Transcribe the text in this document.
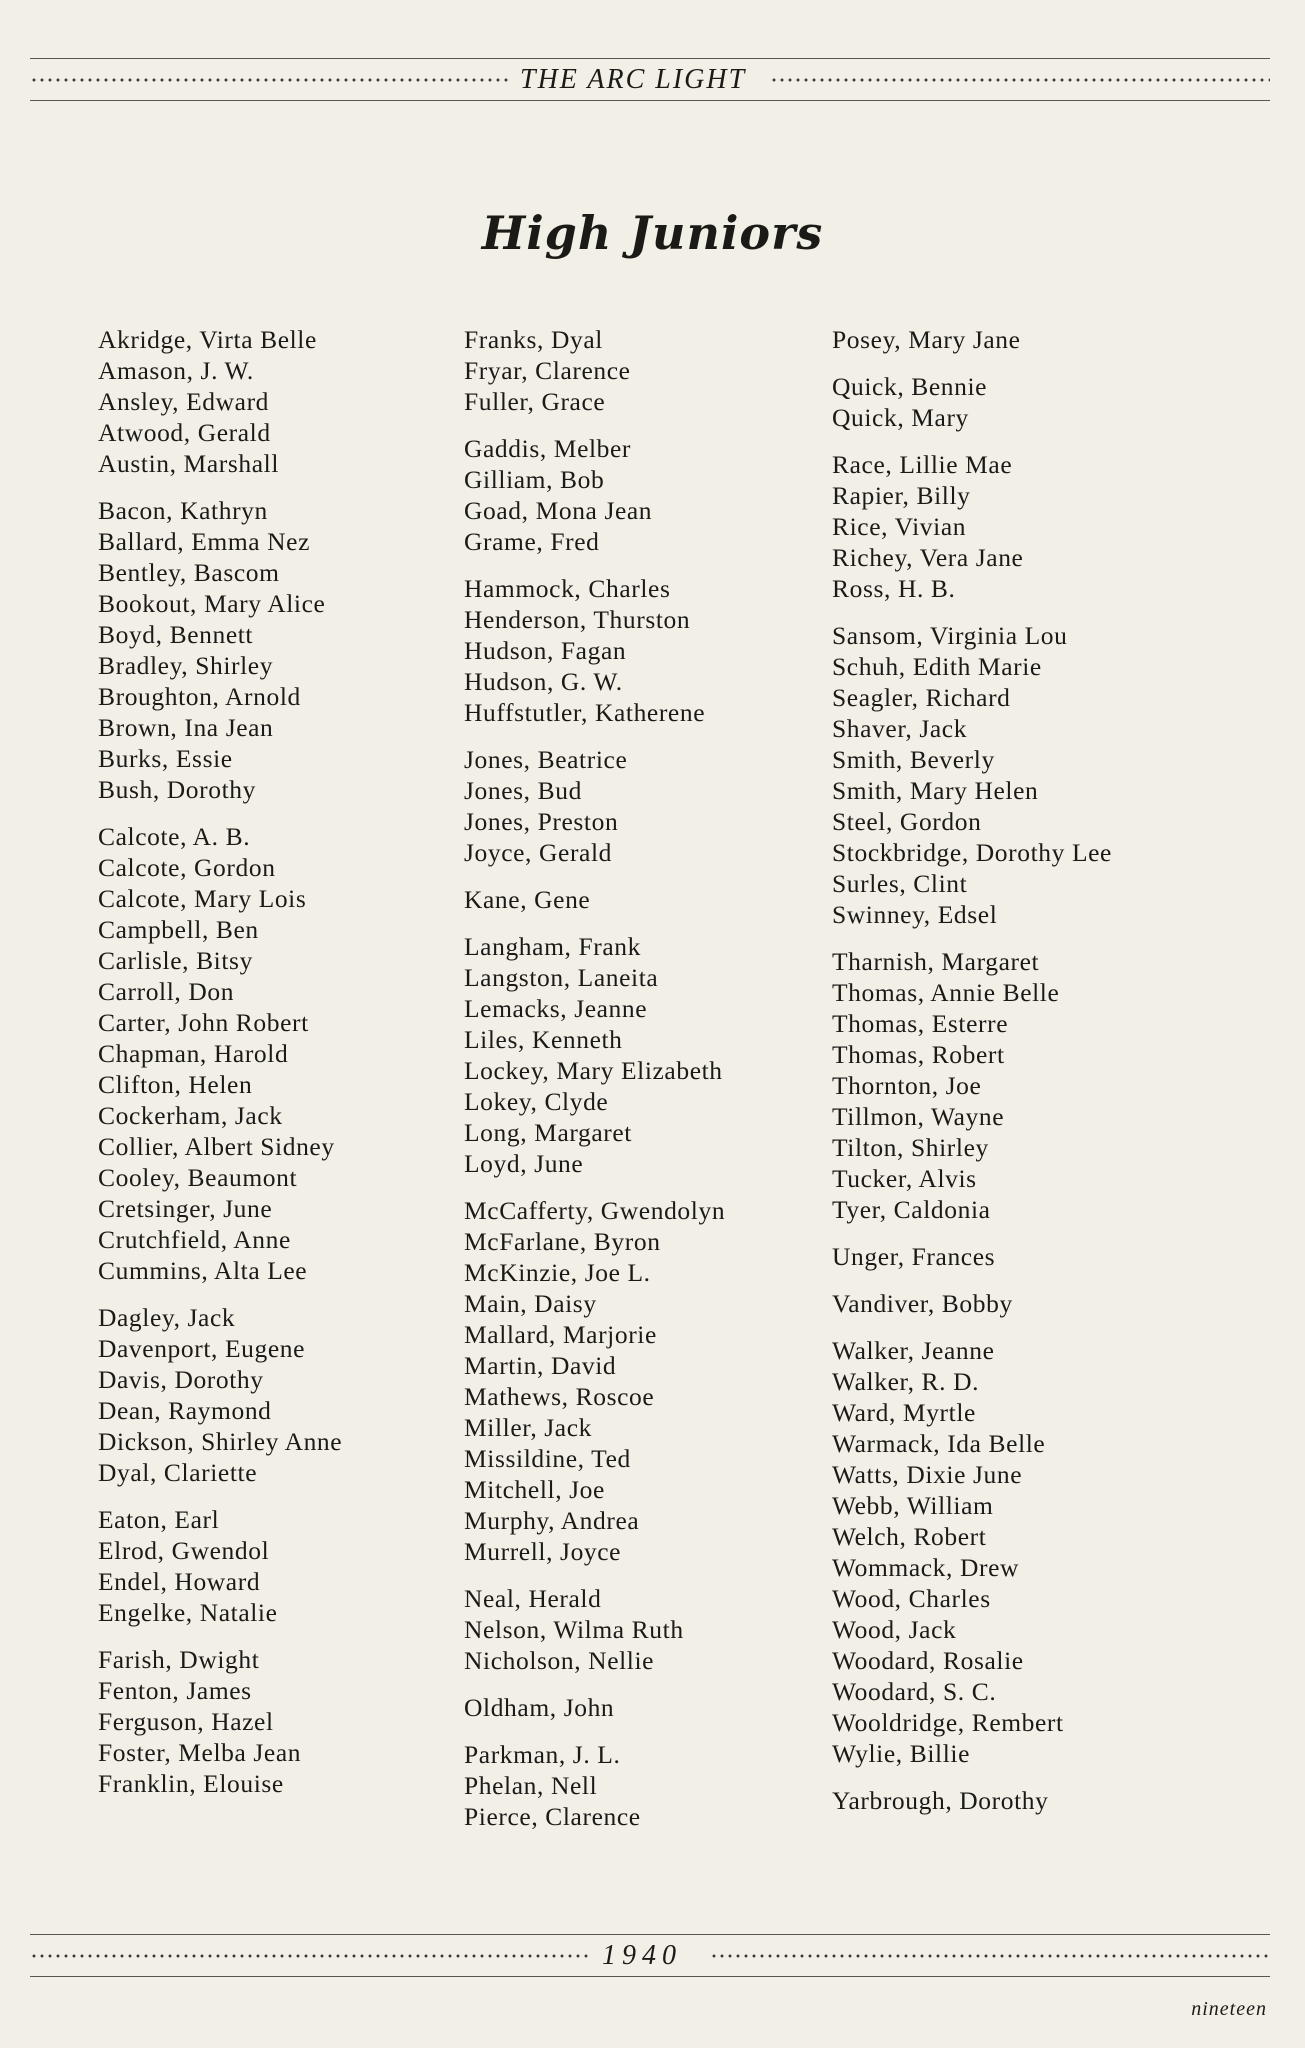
THE ARC LIGHT
High Juniors
Akridge, Virta Belle
Amason, J. W.
Ansley, Edward
Atwood, Gerald
Austin, Marshall
Bacon, Kathryn
Ballard, Emma Nez
Bentley, Bascom
Bookout, Mary Alice
Boyd, Bennett
Bradley, Shirley
Broughton, Arnold
Brown, Ina Jean
Burks, Essie
Bush, Dorothy
Calcote, A. B.
Calcote, Gordon
Calcote, Mary Lois
Campbell, Ben
Carlisle, Bitsy
Carroll, Don
Carter, John Robert
Chapman, Harold
Clifton, Helen
Cockerham, Jack
Collier, Albert Sidney
Cooley, Beaumont
Cretsinger, June
Crutchfield, Anne
Cummins, Alta Lee
Dagley, Jack
Davenport, Eugene
Davis, Dorothy
Dean, Raymond
Dickson, Shirley Anne
Dyal, Clariette
Eaton, Earl
Elrod, Gwendol
Endel, Howard
Engelke, Natalie
Farish, Dwight
Fenton, James
Ferguson, Hazel
Foster, Melba Jean
Franklin, Elouise
Franks, Dyal
Fryar, Clarence
Fuller, Grace
Gaddis, Melber
Gilliam, Bob
Goad, Mona Jean
Grame, Fred
Hammock, Charles
Henderson, Thurston
Hudson, Fagan
Hudson, G. W.
Huffstutler, Katherene
Jones, Beatrice
Jones, Bud
Jones, Preston
Joyce, Gerald
Kane, Gene
Langham, Frank
Langston, Laneita
Lemacks, Jeanne
Liles, Kenneth
Lockey, Mary Elizabeth
Lokey, Clyde
Long, Margaret
Loyd, June
McCafferty, Gwendolyn
McFarlane, Byron
McKinzie, Joe L.
Main, Daisy
Mallard, Marjorie
Martin, David
Mathews, Roscoe
Miller, Jack
Missildine, Ted
Mitchell, Joe
Murphy, Andrea
Murrell, Joyce
Neal, Herald
Nelson, Wilma Ruth
Nicholson, Nellie
Oldham, John
Parkman, J. L.
Phelan, Nell
Pierce, Clarence
Posey, Mary Jane
Quick, Bennie
Quick, Mary
Race, Lillie Mae
Rapier, Billy
Rice, Vivian
Richey, Vera Jane
Ross, H. B.
Sansom, Virginia Lou
Schuh, Edith Marie
Seagler, Richard
Shaver, Jack
Smith, Beverly
Smith, Mary Helen
Steel, Gordon
Stockbridge, Dorothy Lee
Surles, Clint
Swinney, Edsel
Tharnish, Margaret
Thomas, Annie Belle
Thomas, Esterre
Thomas, Robert
Thornton, Joe
Tillmon, Wayne
Tilton, Shirley
Tucker, Alvis
Tyer, Caldonia
Unger, Frances
Vandiver, Bobby
Walker, Jeanne
Walker, R. D.
Ward, Myrtle
Warmack, Ida Belle
Watts, Dixie June
Webb, William
Welch, Robert
Wommack, Drew
Wood, Charles
Wood, Jack
Woodard, Rosalie
Woodard, S. C.
Wooldridge, Rembert
Wylie, Billie
Yarbrough, Dorothy
1940
nineteen
